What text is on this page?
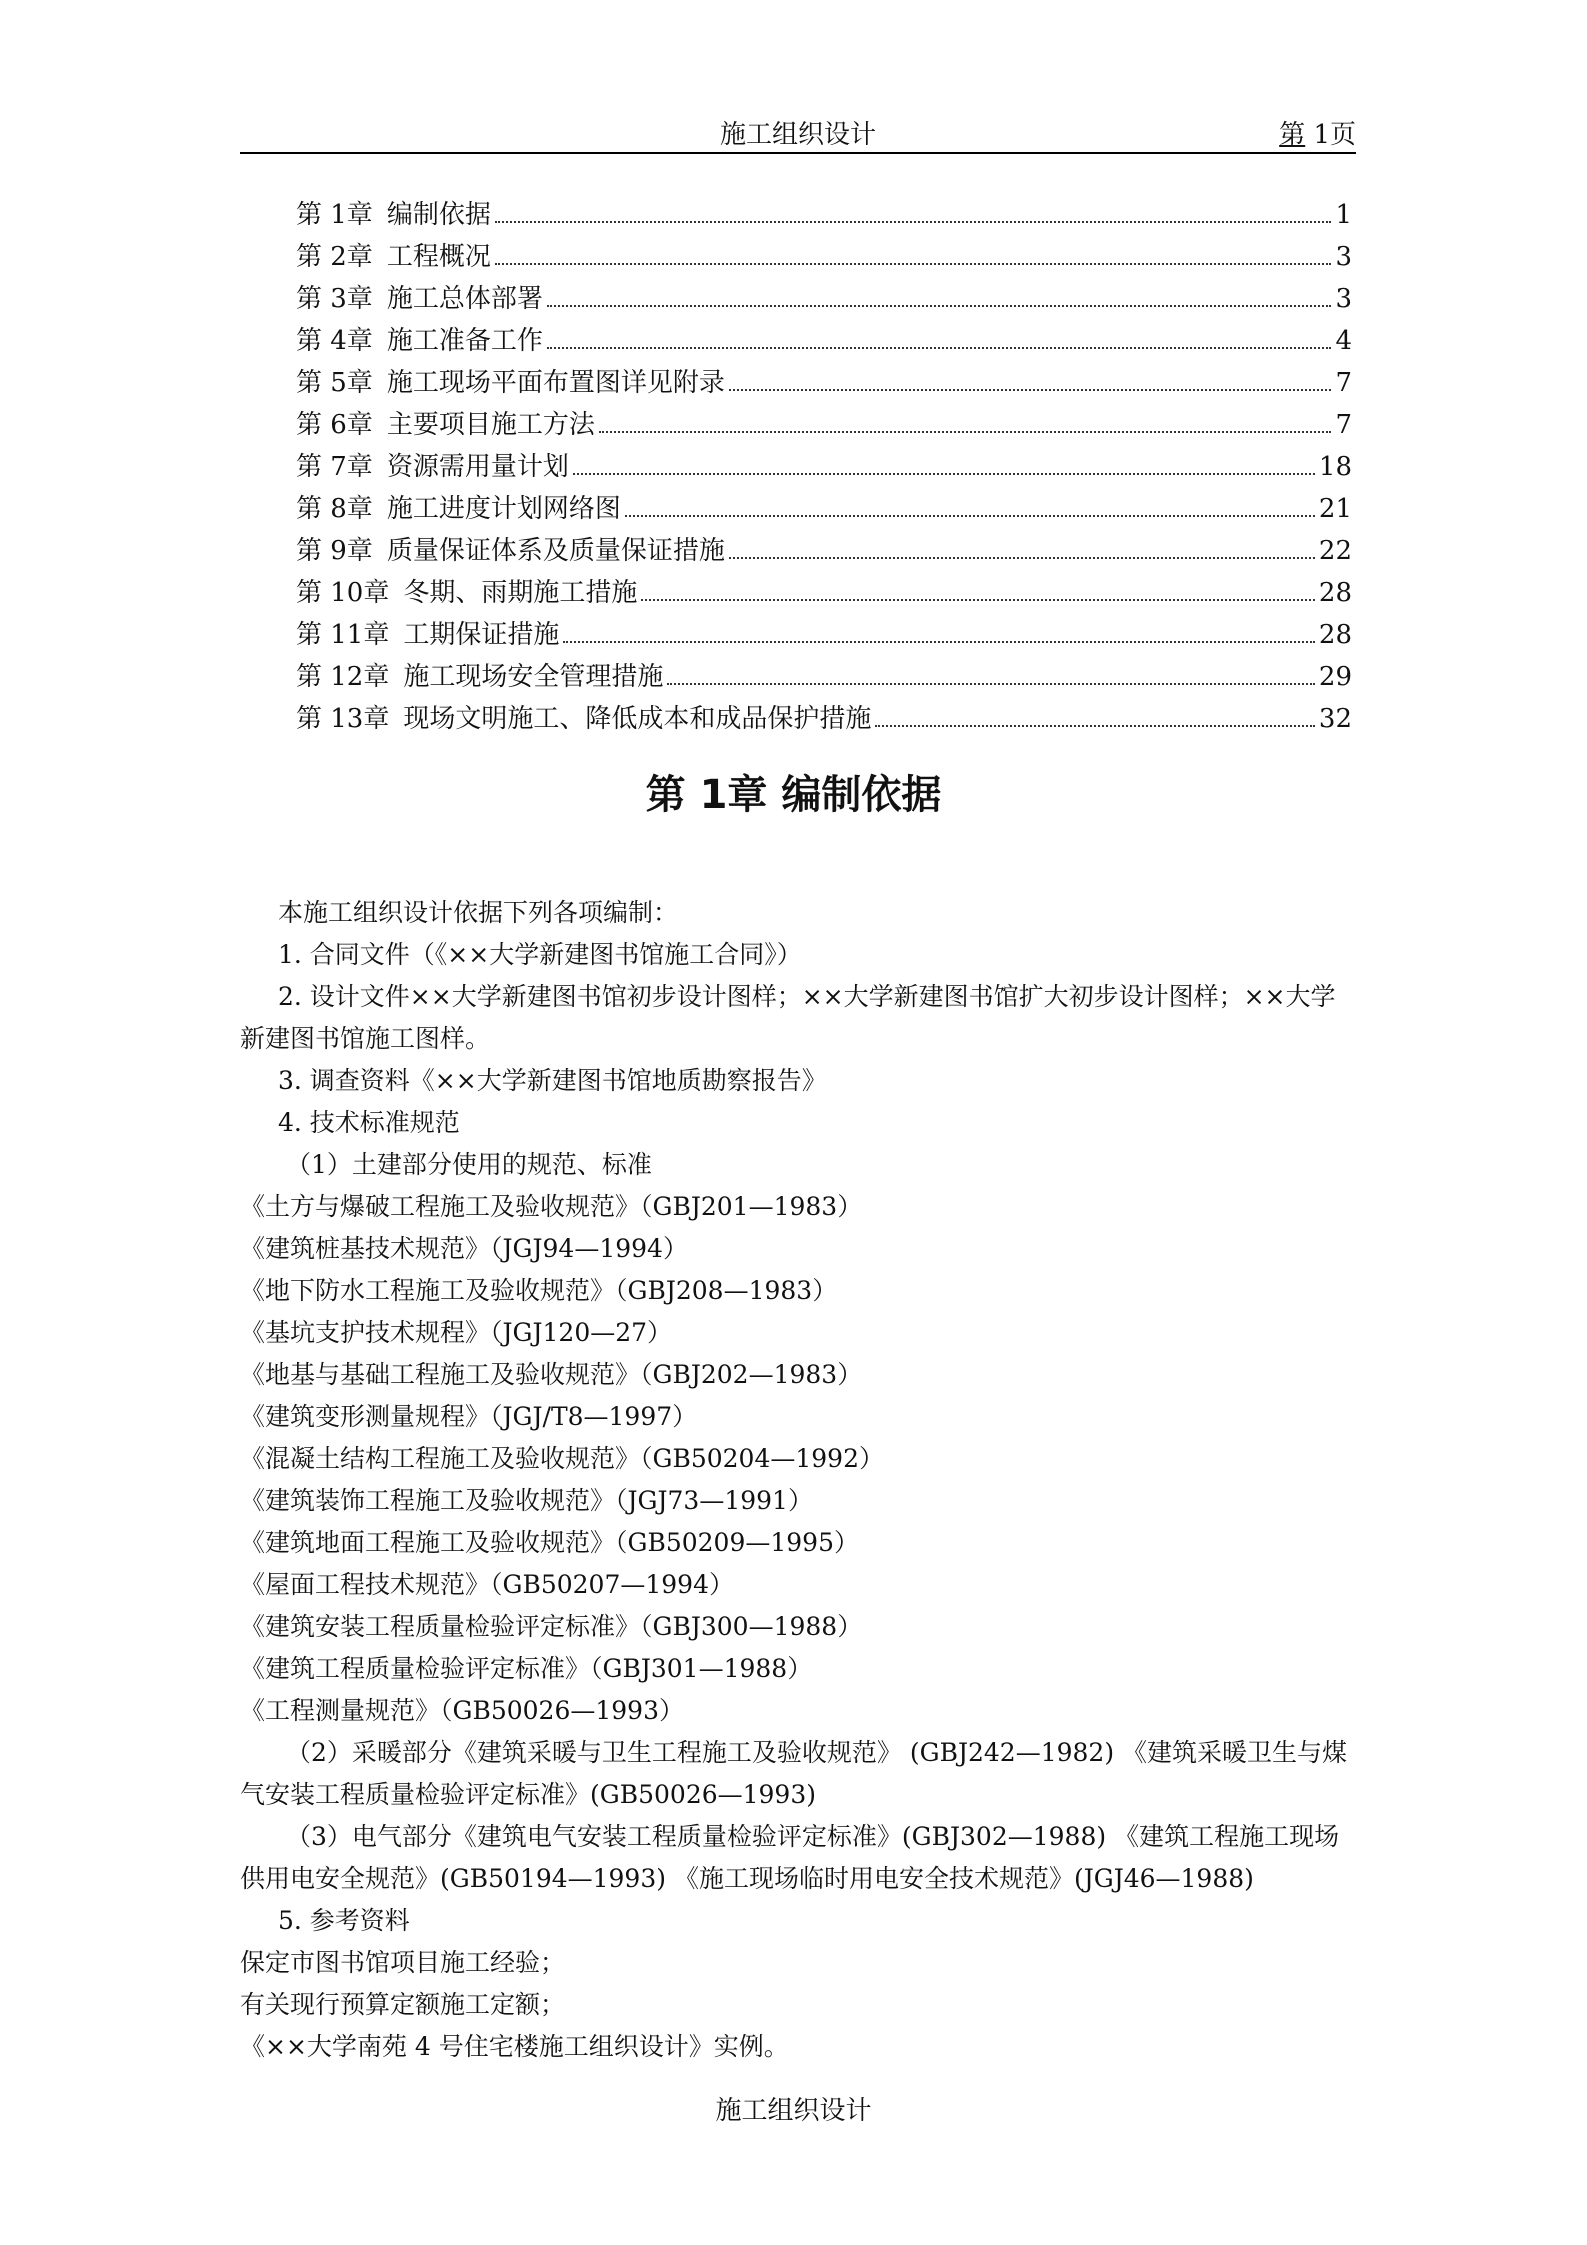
施工组织设计	第 1页
第 1章 编制依据	1
第 2章 工程概况	3
第 3章 施工总体部署	3
第 4章 施工准备工作	4
第 5章 施工现场平面布置图详见附录	7
第 6章 主要项目施工方法	7
第 7章 资源需用量计划	18
第 8章 施工进度计划网络图	21
第 9章 质量保证体系及质量保证措施	22
第 10章 冬期、雨期施工措施	28
第 11章 工期保证措施	28
第 12章 施工现场安全管理措施	29
第 13章 现场文明施工、降低成本和成品保护措施	32
第 1章 编制依据
本施工组织设计依据下列各项编制：
1. 合同文件（《××大学新建图书馆施工合同》）
2. 设计文件××大学新建图书馆初步设计图样；××大学新建图书馆扩大初步设计图样；××大学新建图书馆施工图样。
3. 调查资料《××大学新建图书馆地质勘察报告》
4. 技术标准规范
（1）土建部分使用的规范、标准
《土方与爆破工程施工及验收规范》（GBJ201—1983）
《建筑桩基技术规范》（JGJ94—1994）
《地下防水工程施工及验收规范》（GBJ208—1983）
《基坑支护技术规程》（JGJ120—27）
《地基与基础工程施工及验收规范》（GBJ202—1983）
《建筑变形测量规程》（JGJ/T8—1997）
《混凝土结构工程施工及验收规范》（GB50204—1992）
《建筑装饰工程施工及验收规范》（JGJ73—1991）
《建筑地面工程施工及验收规范》（GB50209—1995）
《屋面工程技术规范》（GB50207—1994）
《建筑安装工程质量检验评定标准》（GBJ300—1988）
《建筑工程质量检验评定标准》（GBJ301—1988）
《工程测量规范》（GB50026—1993）
（2）采暖部分《建筑采暖与卫生工程施工及验收规范》 (GBJ242—1982) 《建筑采暖卫生与煤气安装工程质量检验评定标准》(GB50026—1993)
（3）电气部分《建筑电气安装工程质量检验评定标准》(GBJ302—1988) 《建筑工程施工现场供用电安全规范》(GB50194—1993) 《施工现场临时用电安全技术规范》(JGJ46—1988)
5. 参考资料
保定市图书馆项目施工经验；
有关现行预算定额施工定额；
《××大学南苑 4 号住宅楼施工组织设计》实例。
施工组织设计
